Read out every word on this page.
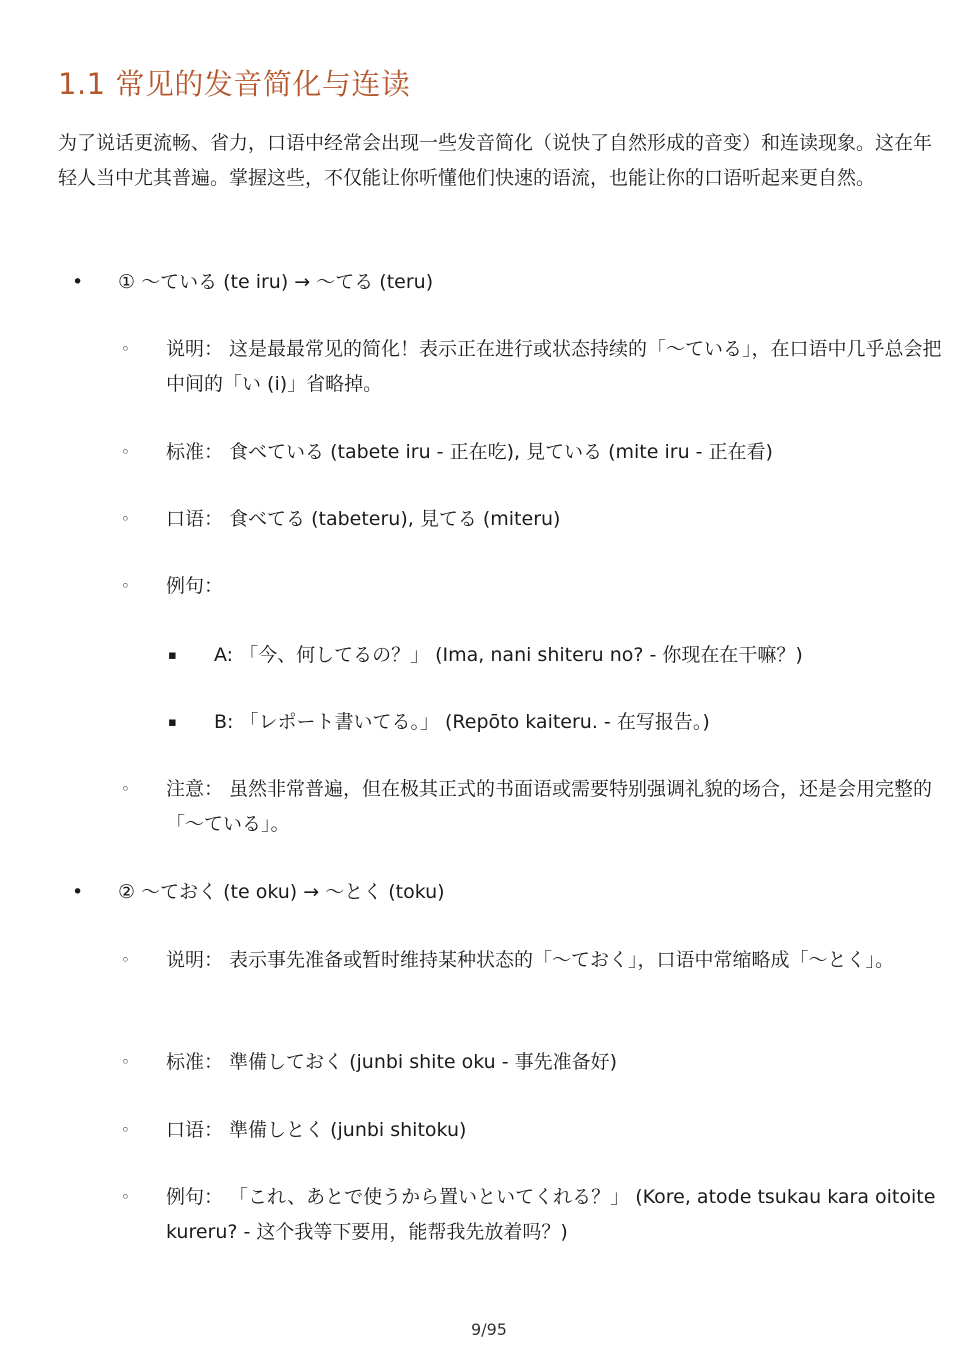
1.1 常见的发音简化与连读

为了说话更流畅、省力，口语中经常会出现一些发音简化（说快了自然形成的音变）和连读现象。这在年轻人当中尤其普遍。掌握这些，不仅能让你听懂他们快速的语流，也能让你的口语听起来更自然。

• ① ～ている (te iru) → ～てる (teru)

◦ 说明： 这是最最常见的简化！表示正在进行或状态持续的「～ている」，在口语中几乎总会把中间的「い (i)」省略掉。

◦ 标准： 食べている (tabete iru - 正在吃), 見ている (mite iru - 正在看)

◦ 口语： 食べてる (tabeteru), 見てる (miteru)

◦ 例句：

▪ A: 「今、何してるの？」 (Ima, nani shiteru no? - 你现在在干嘛？)

▪ B: 「レポート書いてる。」 (Repōto kaiteru. - 在写报告。)

◦ 注意： 虽然非常普遍，但在极其正式的书面语或需要特别强调礼貌的场合，还是会用完整的「～ている」。

• ② ～ておく (te oku) → ～とく (toku)

◦ 说明： 表示事先准备或暂时维持某种状态的「～ておく」，口语中常缩略成「～とく」。

◦ 标准： 準備しておく (junbi shite oku - 事先准备好)

◦ 口语： 準備しとく (junbi shitoku)

◦ 例句： 「これ、あとで使うから置いといてくれる？」 (Kore, atode tsukau kara oitoite kureru? - 这个我等下要用，能帮我先放着吗？)

9/95
